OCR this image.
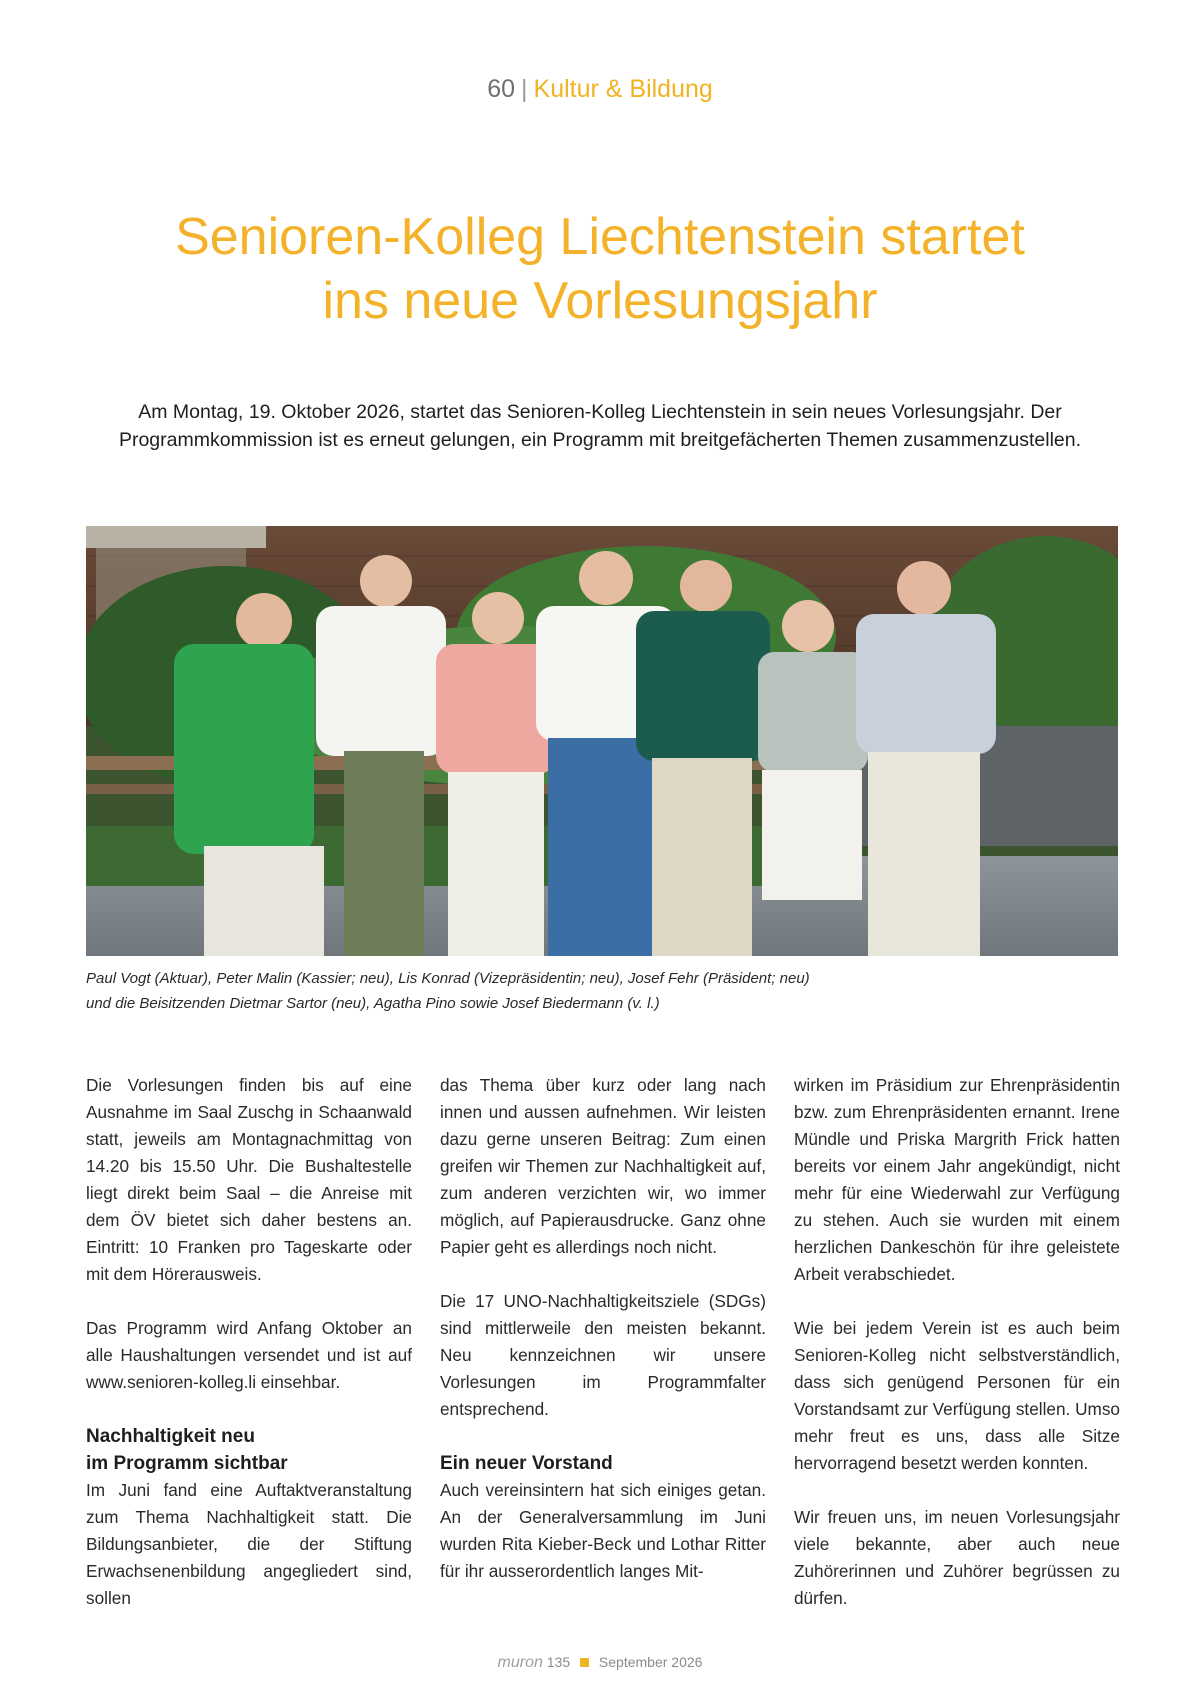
60 | Kultur & Bildung
Senioren-Kolleg Liechtenstein startet
ins neue Vorlesungsjahr

Am Montag, 19. Oktober 2026, startet das Senioren-Kolleg Liechtenstein in sein neues Vorlesungsjahr. Der
Programmkommission ist es erneut gelungen, ein Programm mit breitgefächerten Themen zusammenzustellen.

Paul Vogt (Aktuar), Peter Malin (Kassier; neu), Lis Konrad (Vizepräsidentin; neu), Josef Fehr (Präsident; neu)
und die Beisitzenden Dietmar Sartor (neu), Agatha Pino sowie Josef Biedermann (v. l.)

Die Vorlesungen finden bis auf eine Ausnahme im Saal Zuschg in Schaanwald statt, jeweils am Montagnachmittag von 14.20 bis 15.50 Uhr. Die Bushaltestelle liegt direkt beim Saal – die Anreise mit dem ÖV bietet sich daher bestens an. Eintritt: 10 Franken pro Tageskarte oder mit dem Hörerausweis.

Das Programm wird Anfang Oktober an alle Haushaltungen versendet und ist auf www.senioren-kolleg.li einsehbar.

Nachhaltigkeit neu
im Programm sichtbar

Im Juni fand eine Auftaktveranstaltung zum Thema Nachhaltigkeit statt. Die Bildungsanbieter, die der Stiftung Erwachsenenbildung angegliedert sind, sollen

das Thema über kurz oder lang nach innen und aussen aufnehmen. Wir leisten dazu gerne unseren Beitrag: Zum einen greifen wir Themen zur Nachhaltigkeit auf, zum anderen verzichten wir, wo immer möglich, auf Papierausdrucke. Ganz ohne Papier geht es allerdings noch nicht.

Die 17 UNO-Nachhaltigkeitsziele (SDGs) sind mittlerweile den meisten bekannt. Neu kennzeichnen wir unsere Vorlesungen im Programmfalter entsprechend.

Ein neuer Vorstand

Auch vereinsintern hat sich einiges getan. An der Generalversammlung im Juni wurden Rita Kieber-Beck und Lothar Ritter für ihr ausserordentlich langes Mit-

wirken im Präsidium zur Ehrenpräsidentin bzw. zum Ehrenpräsidenten ernannt. Irene Mündle und Priska Margrith Frick hatten bereits vor einem Jahr angekündigt, nicht mehr für eine Wiederwahl zur Verfügung zu stehen. Auch sie wurden mit einem herzlichen Dankeschön für ihre geleistete Arbeit verabschiedet.

Wie bei jedem Verein ist es auch beim Senioren-Kolleg nicht selbstverständlich, dass sich genügend Personen für ein Vorstandsamt zur Verfügung stellen. Umso mehr freut es uns, dass alle Sitze hervorragend besetzt werden konnten.

Wir freuen uns, im neuen Vorlesungsjahr viele bekannte, aber auch neue Zuhörerinnen und Zuhörer begrüssen zu dürfen.

muron 135 September 2026
